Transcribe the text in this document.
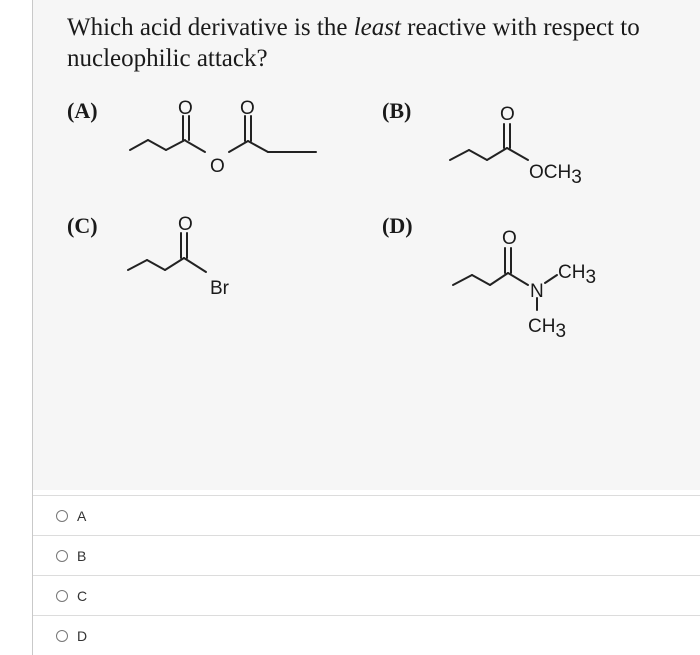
Which acid derivative is the least reactive with respect to nucleophilic attack?
(A)	(B)
(C)	(D)
O O
O
O
OCH3
O
Br
O
N
CH3
CH3
A
B
C
D
